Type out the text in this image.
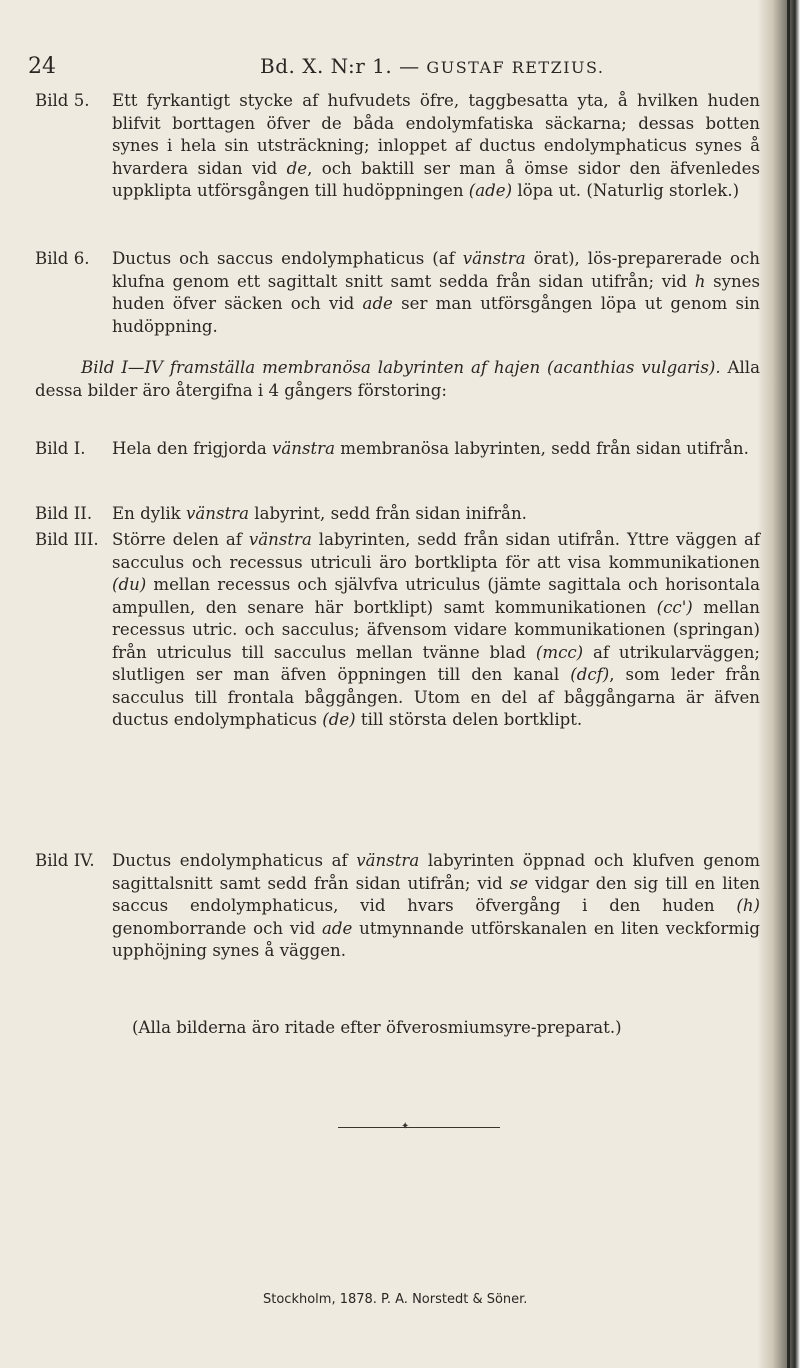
24	Bd. X. N:r 1. — GUSTAF RETZIUS.
Bild 5. Ett fyrkantigt stycke af hufvudets öfre, taggbesatta yta, å hvilken huden blifvit borttagen öfver de båda endolymfatiska säckarna; dessas botten synes i hela sin utsträckning; inloppet af ductus endolymphaticus synes å hvardera sidan vid de, och baktill ser man å ömse sidor den äfvenledes uppklipta utförsgången till hudöppningen (ade) löpa ut. (Naturlig storlek.)
Bild 6. Ductus och saccus endolymphaticus (af vänstra örat), lös-preparerade och klufna genom ett sagittalt snitt samt sedda från sidan utifrån; vid h synes huden öfver säcken och vid ade ser man utförsgången löpa ut genom sin hudöppning.
Bild I—IV framställa membranösa labyrinten af hajen (acanthias vulgaris). Alla dessa bilder äro återgifna i 4 gångers förstoring:
Bild I. Hela den frigjorda vänstra membranösa labyrinten, sedd från sidan utifrån.
Bild II. En dylik vänstra labyrint, sedd från sidan inifrån.
Bild III. Större delen af vänstra labyrinten, sedd från sidan utifrån. Yttre väggen af sacculus och recessus utriculi äro bortklipta för att visa kommunikationen (du) mellan recessus och självfva utriculus (jämte sagittala och horisontala ampullen, den senare här bortklipt) samt kommunikationen (cc') mellan recessus utric. och sacculus; äfvensom vidare kommunikationen (springan) från utriculus till sacculus mellan tvänne blad (mcc) af utrikularväggen; slutligen ser man äfven öppningen till den kanal (dcf), som leder från sacculus till frontala båggången. Utom en del af båggångarna är äfven ductus endolymphaticus (de) till största delen bortklipt.
Bild IV. Ductus endolymphaticus af vänstra labyrinten öppnad och klufven genom sagittalsnitt samt sedd från sidan utifrån; vid se vidgar den sig till en liten saccus endolymphaticus, vid hvars öfvergång i den huden (h) genomborrande och vid ade utmynnande utförskanalen en liten veckformig upphöjning synes å väggen.
(Alla bilderna äro ritade efter öfverosmiumsyre-preparat.)
✦
Stockholm, 1878. P. A. Norstedt & Söner.
